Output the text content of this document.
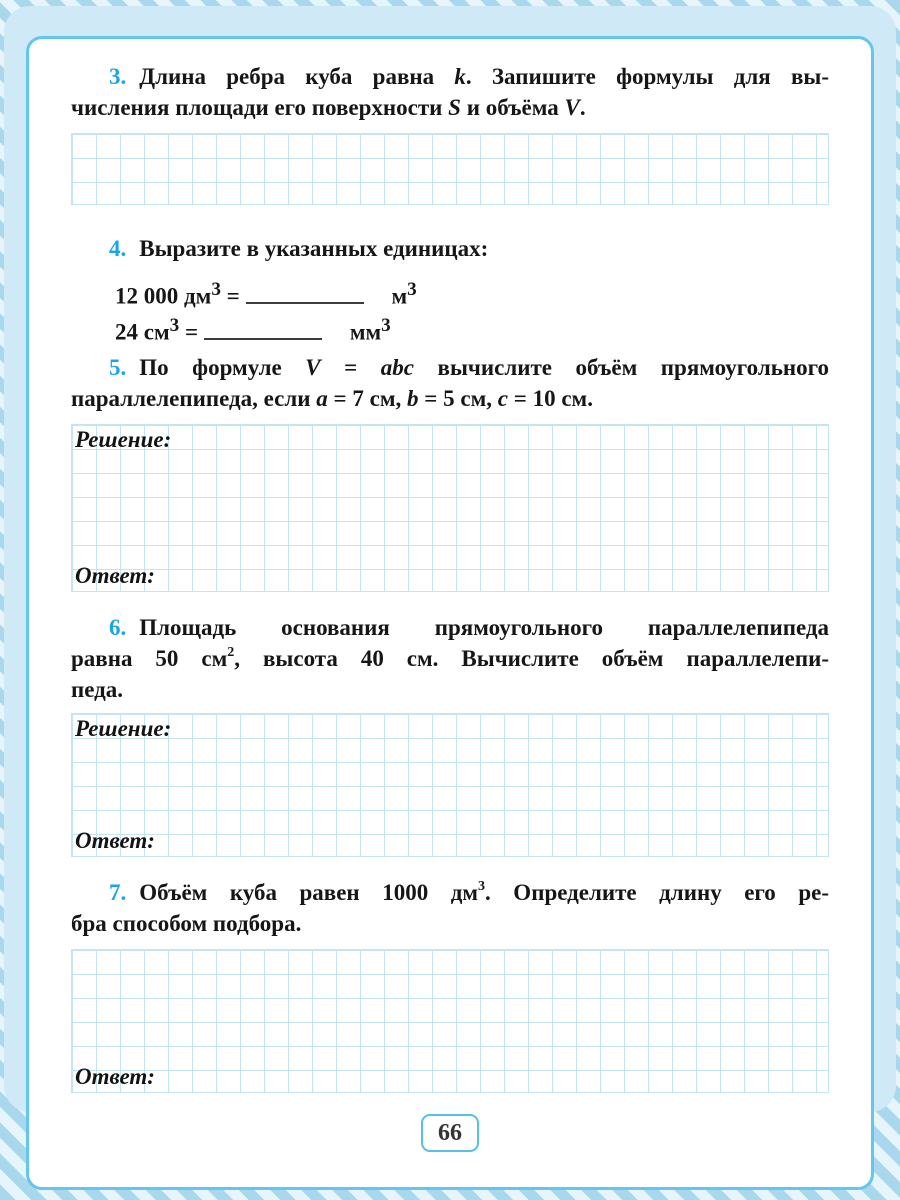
3. Длина ребра куба равна k. Запишите формулы для вы-
числения площади его поверхности S и объёма V.
4. Выразите в указанных единицах:
12 000 $дм^3$ =	$м^3$
24 $см^3$ =	$мм^3$
5. По формуле V = abc вычислите объём прямоугольного
параллелепипеда, если a = 7 см, b = 5 см, c = 10 см.
Решение:
Ответ:
6. Площадь основания прямоугольного параллелепипеда
равна 50 $см^2$, высота 40 см. Вычислите объём параллелепи-
педа.
Решение:
Ответ:
7. Объём куба равен 1000 $дм^3$. Определите длину его ре-
бра способом подбора.
Ответ:
66
